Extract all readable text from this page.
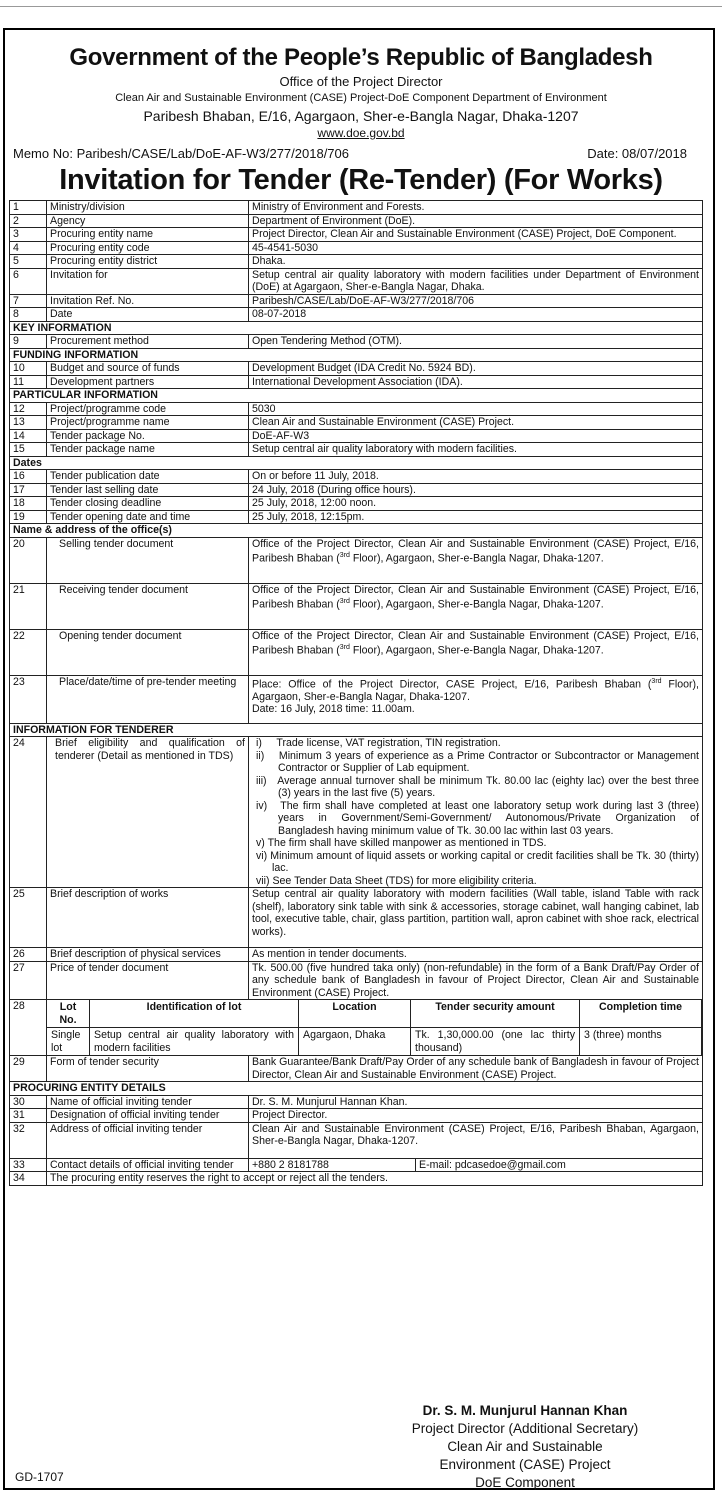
Government of the People’s Republic of Bangladesh
Office of the Project Director
Clean Air and Sustainable Environment (CASE) Project-DoE Component Department of Environment
Paribesh Bhaban, E/16, Agargaon, Sher-e-Bangla Nagar, Dhaka-1207
www.doe.gov.bd
Memo No: Paribesh/CASE/Lab/DoE-AF-W3/277/2018/706	Date: 08/07/2018
Invitation for Tender (Re-Tender) (For Works)
1	Ministry/division	Ministry of Environment and Forests.
2	Agency	Department of Environment (DoE).
3	Procuring entity name	Project Director, Clean Air and Sustainable Environment (CASE) Project, DoE Component.
4	Procuring entity code	45-4541-5030
5	Procuring entity district	Dhaka.
6	Invitation for	Setup central air quality laboratory with modern facilities under Department of Environment (DoE) at Agargaon, Sher-e-Bangla Nagar, Dhaka.
7	Invitation Ref. No.	Paribesh/CASE/Lab/DoE-AF-W3/277/2018/706
8	Date	08-07-2018
KEY INFORMATION
9	Procurement method	Open Tendering Method (OTM).
FUNDING INFORMATION
10	Budget and source of funds	Development Budget (IDA Credit No. 5924 BD).
11	Development partners	International Development Association (IDA).
PARTICULAR INFORMATION
12	Project/programme code	5030
13	Project/programme name	Clean Air and Sustainable Environment (CASE) Project.
14	Tender package No.	DoE-AF-W3
15	Tender package name	Setup central air quality laboratory with modern facilities.
Dates
16	Tender publication date	On or before 11 July, 2018.
17	Tender last selling date	24 July, 2018 (During office hours).
18	Tender closing deadline	25 July, 2018, 12:00 noon.
19	Tender opening date and time	25 July, 2018, 12:15pm.
Name & address of the office(s)
20	Selling tender document	Office of the Project Director, Clean Air and Sustainable Environment (CASE) Project, E/16, Paribesh Bhaban ($^{3rd}$ Floor), Agargaon, Sher-e-Bangla Nagar, Dhaka-1207.
21	Receiving tender document	Office of the Project Director, Clean Air and Sustainable Environment (CASE) Project, E/16, Paribesh Bhaban ($^{3rd}$ Floor), Agargaon, Sher-e-Bangla Nagar, Dhaka-1207.
22	Opening tender document	Office of the Project Director, Clean Air and Sustainable Environment (CASE) Project, E/16, Paribesh Bhaban ($^{3rd}$ Floor), Agargaon, Sher-e-Bangla Nagar, Dhaka-1207.
23	Place/date/time of pre-tender meeting	Place: Office of the Project Director, CASE Project, E/16, Paribesh Bhaban ($^{3rd}$ Floor), Agargaon, Sher-e-Bangla Nagar, Dhaka-1207.
Date: 16 July, 2018 time: 11.00am.
INFORMATION FOR TENDERER
24	Brief eligibility and qualification of tenderer (Detail as mentioned in TDS)	
i)     Trade license, VAT registration, TIN registration.
ii)    Minimum 3 years of experience as a Prime Contractor or Subcontractor or Management Contractor or Supplier of Lab equipment.
iii)   Average annual turnover shall be minimum Tk. 80.00 lac (eighty lac) over the best three (3) years in the last five (5) years.
iv)   The firm shall have completed at least one laboratory setup work during last 3 (three) years in Government/Semi-Government/ Autonomous/Private Organization of Bangladesh having minimum value of Tk. 30.00 lac within last 03 years.
v) The firm shall have skilled manpower as mentioned in TDS.
vi) Minimum amount of liquid assets or working capital or credit facilities shall be Tk. 30 (thirty) lac.
vii) See Tender Data Sheet (TDS) for more eligibility criteria.

25	Brief description of works	Setup central air quality laboratory with modern facilities (Wall table, island Table with rack (shelf), laboratory sink table with sink & accessories, storage cabinet, wall hanging cabinet, lab tool, executive table, chair, glass partition, partition wall, apron cabinet with shoe rack, electrical works).
26	Brief description of physical services	As mention in tender documents.
27	Price of tender document	Tk. 500.00 (five hundred taka only) (non-refundable) in the form of a Bank Draft/Pay Order of any schedule bank of Bangladesh in favour of Project Director, Clean Air and Sustainable Environment (CASE) Project.
28		Lot No.	Identification of lot	Location	Tender security amount	Completion time
Single lot	Setup central air quality laboratory with modern facilities	Agargaon, Dhaka	Tk. 1,30,000.00 (one lac thirty thousand)	3 (three) months

29	Form of tender security	Bank Guarantee/Bank Draft/Pay Order of any schedule bank of Bangladesh in favour of Project Director, Clean Air and Sustainable Environment (CASE) Project.
PROCURING ENTITY DETAILS
30	Name of official inviting tender	Dr. S. M. Munjurul Hannan Khan.
31	Designation of official inviting tender	Project Director.
32	Address of official inviting tender	Clean Air and Sustainable Environment (CASE) Project, E/16, Paribesh Bhaban, Agargaon, Sher-e-Bangla Nagar, Dhaka-1207.
33	Contact details of official inviting tender	+880 2 8181788	E-mail: pdcasedoe@gmail.com

34	The procuring entity reserves the right to accept or reject all the tenders.
Dr. S. M. Munjurul Hannan Khan
Project Director (Additional Secretary)
Clean Air and Sustainable
Environment (CASE) Project
DoE Component
GD-1707
